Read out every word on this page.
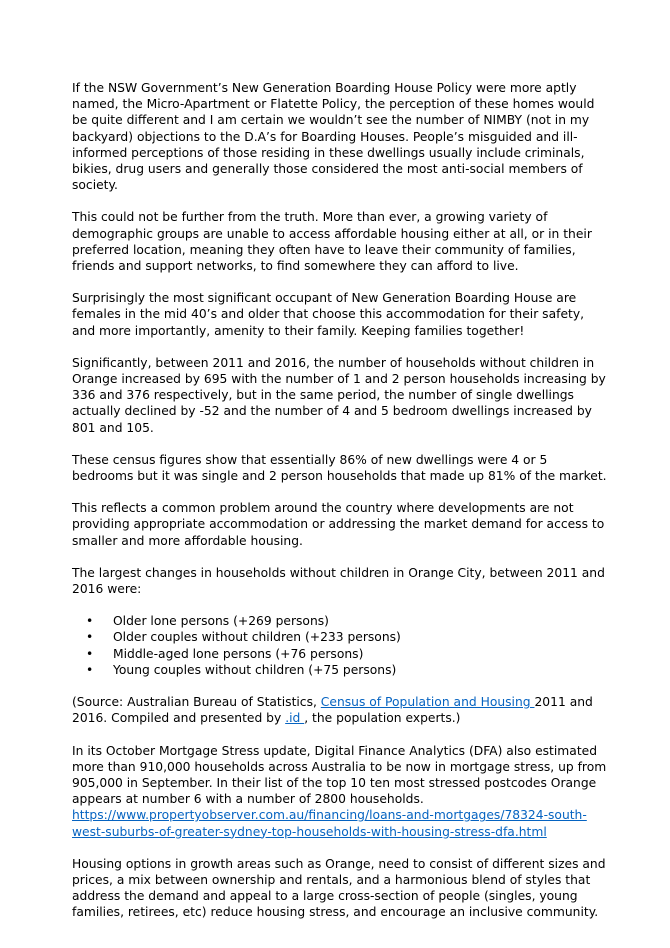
If the NSW Government’s New Generation Boarding House Policy were more aptly named, the Micro-Apartment or Flatette Policy, the perception of these homes would be quite different and I am certain we wouldn’t see the number of NIMBY (not in my backyard) objections to the D.A’s for Boarding Houses. People’s misguided and ill-informed perceptions of those residing in these dwellings usually include criminals, bikies, drug users and generally those considered the most anti-social members of society.

This could not be further from the truth. More than ever, a growing variety of demographic groups are unable to access affordable housing either at all, or in their preferred location, meaning they often have to leave their community of families, friends and support networks, to find somewhere they can afford to live.

Surprisingly the most significant occupant of New Generation Boarding House are females in the mid 40’s and older that choose this accommodation for their safety, and more importantly, amenity to their family. Keeping families together!

Significantly, between 2011 and 2016, the number of households without children in Orange increased by 695 with the number of 1 and 2 person households increasing by 336 and 376 respectively, but in the same period, the number of single dwellings actually declined by -52 and the number of 4 and 5 bedroom dwellings increased by 801 and 105.

These census figures show that essentially 86% of new dwellings were 4 or 5 bedrooms but it was single and 2 person households that made up 81% of the market.

This reflects a common problem around the country where developments are not providing appropriate accommodation or addressing the market demand for access to smaller and more affordable housing.

The largest changes in households without children in Orange City, between 2011 and 2016 were:

• Older lone persons (+269 persons)
• Older couples without children (+233 persons)
• Middle-aged lone persons (+76 persons)
• Young couples without children (+75 persons)

(Source: Australian Bureau of Statistics, Census of Population and Housing 2011 and 2016. Compiled and presented by .id , the population experts.)

In its October Mortgage Stress update, Digital Finance Analytics (DFA) also estimated more than 910,000 households across Australia to be now in mortgage stress, up from 905,000 in September. In their list of the top 10 ten most stressed postcodes Orange appears at number 6 with a number of 2800 households.
https://www.propertyobserver.com.au/financing/loans-and-mortgages/78324-south-west-suburbs-of-greater-sydney-top-households-with-housing-stress-dfa.html

Housing options in growth areas such as Orange, need to consist of different sizes and prices, a mix between ownership and rentals, and a harmonious blend of styles that address the demand and appeal to a large cross-section of people (singles, young families, retirees, etc) reduce housing stress, and encourage an inclusive community.
